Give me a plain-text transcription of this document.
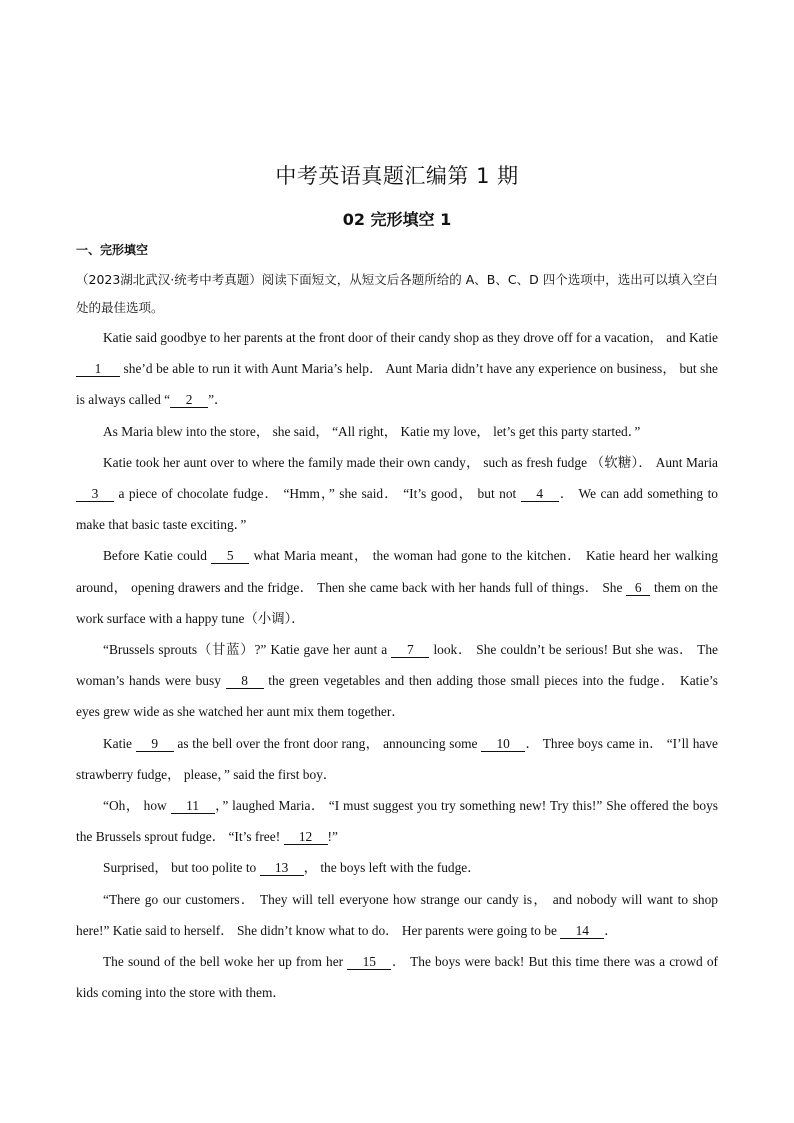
中考英语真题汇编第 1 期
02 完形填空 1
一、完形填空

（2023湖北武汉·统考中考真题）阅读下面短文，从短文后各题所给的 A、B、C、D 四个选项中，选出可以填入空白处的最佳选项。

Katie said goodbye to her parents at the front door of their candy shop as they drove off for a vacation， and Katie 1 she’d be able to run it with Aunt Maria’s help． Aunt Maria didn’t have any experience on business， but she is always called “ 2 ”．

As Maria blew into the store， she said， “All right， Katie my love， let’s get this party started．”

Katie took her aunt over to where the family made their own candy， such as fresh fudge （软糖）． Aunt Maria 3 a piece of chocolate fudge． “Hmm，” she said． “It’s good， but not 4 ． We can add something to make that basic taste exciting．”

Before Katie could 5 what Maria meant， the woman had gone to the kitchen． Katie heard her walking around， opening drawers and the fridge． Then she came back with her hands full of things． She 6 them on the work surface with a happy tune（小调）．

“Brussels sprouts（甘蓝）?” Katie gave her aunt a 7 look． She couldn’t be serious! But she was． The woman’s hands were busy 8 the green vegetables and then adding those small pieces into the fudge． Katie’s eyes grew wide as she watched her aunt mix them together．

Katie 9 as the bell over the front door rang， announcing some 10 ． Three boys came in． “I’ll have strawberry fudge， please，” said the first boy．

“Oh， how 11 ，” laughed Maria． “I must suggest you try something new! Try this!” She offered the boys the Brussels sprout fudge． “It’s free! 12 !”

Surprised， but too polite to 13 ， the boys left with the fudge．

“There go our customers． They will tell everyone how strange our candy is， and nobody will want to shop here!” Katie said to herself． She didn’t know what to do． Her parents were going to be 14 ．

The sound of the bell woke her up from her 15 ． The boys were back! But this time there was a crowd of kids coming into the store with them．
